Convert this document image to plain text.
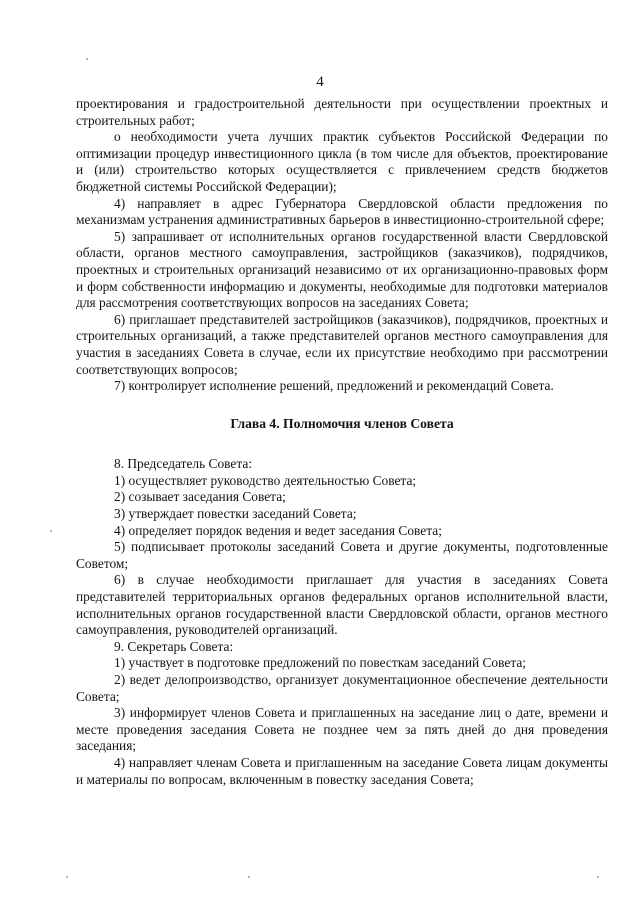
4

проектирования и градостроительной деятельности при осуществлении проектных и строительных работ;

о необходимости учета лучших практик субъектов Российской Федерации по оптимизации процедур инвестиционного цикла (в том числе для объектов, проектирование и (или) строительство которых осуществляется с привлечением средств бюджетов бюджетной системы Российской Федерации);

4) направляет в адрес Губернатора Свердловской области предложения по механизмам устранения административных барьеров в инвестиционно-строительной сфере;

5) запрашивает от исполнительных органов государственной власти Свердловской области, органов местного самоуправления, застройщиков (заказчиков), подрядчиков, проектных и строительных организаций независимо от их организационно-правовых форм и форм собственности информацию и документы, необходимые для подготовки материалов для рассмотрения соответствующих вопросов на заседаниях Совета;

6) приглашает представителей застройщиков (заказчиков), подрядчиков, проектных и строительных организаций, а также представителей органов местного самоуправления для участия в заседаниях Совета в случае, если их присутствие необходимо при рассмотрении соответствующих вопросов;

7) контролирует исполнение решений, предложений и рекомендаций Совета.

Глава 4. Полномочия членов Совета

8. Председатель Совета:

1) осуществляет руководство деятельностью Совета;

2) созывает заседания Совета;

3) утверждает повестки заседаний Совета;

4) определяет порядок ведения и ведет заседания Совета;

5) подписывает протоколы заседаний Совета и другие документы, подготовленные Советом;

6) в случае необходимости приглашает для участия в заседаниях Совета представителей территориальных органов федеральных органов исполнительной власти, исполнительных органов государственной власти Свердловской области, органов местного самоуправления, руководителей организаций.

9. Секретарь Совета:

1) участвует в подготовке предложений по повесткам заседаний Совета;

2) ведет делопроизводство, организует документационное обеспечение деятельности Совета;

3) информирует членов Совета и приглашенных на заседание лиц о дате, времени и месте проведения заседания Совета не позднее чем за пять дней до дня проведения заседания;

4) направляет членам Совета и приглашенным на заседание Совета лицам документы и материалы по вопросам, включенным в повестку заседания Совета;
